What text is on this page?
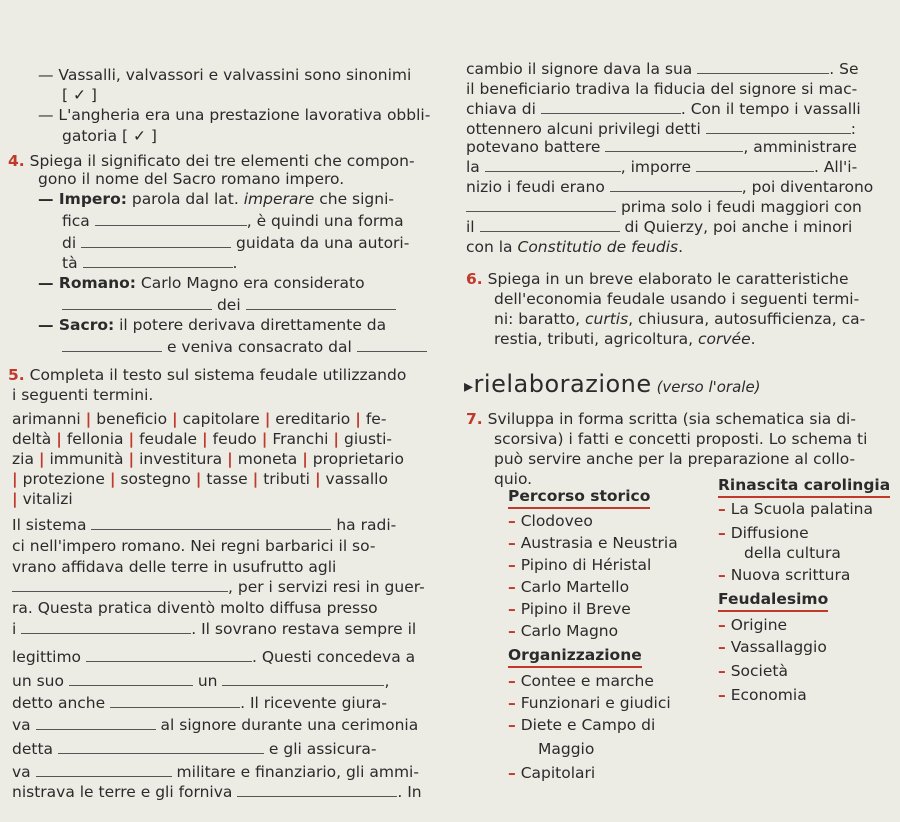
— Vassalli, valvassori e valvassini sono sinonimi
[ ✓ ]
— L'angheria era una prestazione lavorativa obbli-
gatoria [ ✓ ]
4. Spiega il significato dei tre elementi che compon-
gono il nome del Sacro romano impero.
— Impero: parola dal lat. imperare che signi-
fica	, è quindi una forma
di	guidata da una autori-
tà	.
— Romano: Carlo Magno era considerato
dei
— Sacro: il potere derivava direttamente da
e veniva consacrato dal
5. Completa il testo sul sistema feudale utilizzando
i seguenti termini.
arimanni | beneficio | capitolare | ereditario | fe-
deltà | fellonia | feudale | feudo | Franchi | giusti-
zia | immunità | investitura | moneta | proprietario
| protezione | sostegno | tasse | tributi | vassallo
| vitalizi
Il sistema	ha radi-
ci nell'impero romano. Nei regni barbarici il so-
vrano affidava delle terre in usufrutto agli
, per i servizi resi in guer-
ra. Questa pratica diventò molto diffusa presso
i	. Il sovrano restava sempre il
legittimo	. Questi concedeva a
un suo	un	,
detto anche	. Il ricevente giura-
va	al signore durante una cerimonia
detta	e gli assicura-
va	militare e finanziario, gli ammi-
nistrava le terre e gli forniva	. In
cambio il signore dava la sua	. Se
il beneficiario tradiva la fiducia del signore si mac-
chiava di	. Con il tempo i vassalli
ottennero alcuni privilegi detti	:
potevano battere	, amministrare
la	, imporre	. All'i-
nizio i feudi erano	, poi diventarono
prima solo i feudi maggiori con
il	di Quierzy, poi anche i minori
con la Constitutio de feudis.
6. Spiega in un breve elaborato le caratteristiche
dell'economia feudale usando i seguenti termi-
ni: baratto, curtis, chiusura, autosufficienza, ca-
restia, tributi, agricoltura, corvée.
▸rielaborazione (verso l'orale)
7. Sviluppa in forma scritta (sia schematica sia di-
scorsiva) i fatti e concetti proposti. Lo schema ti
può servire anche per la preparazione al collo-
quio.
Percorso storico
– Clodoveo
– Austrasia e Neustria
– Pipino di Héristal
– Carlo Martello
– Pipino il Breve
– Carlo Magno
Organizzazione
– Contee e marche
– Funzionari e giudici
– Diete e Campo di
Maggio
– Capitolari
Rinascita carolingia
– La Scuola palatina
– Diffusione
della cultura
– Nuova scrittura
Feudalesimo
– Origine
– Vassallaggio
– Società
– Economia
